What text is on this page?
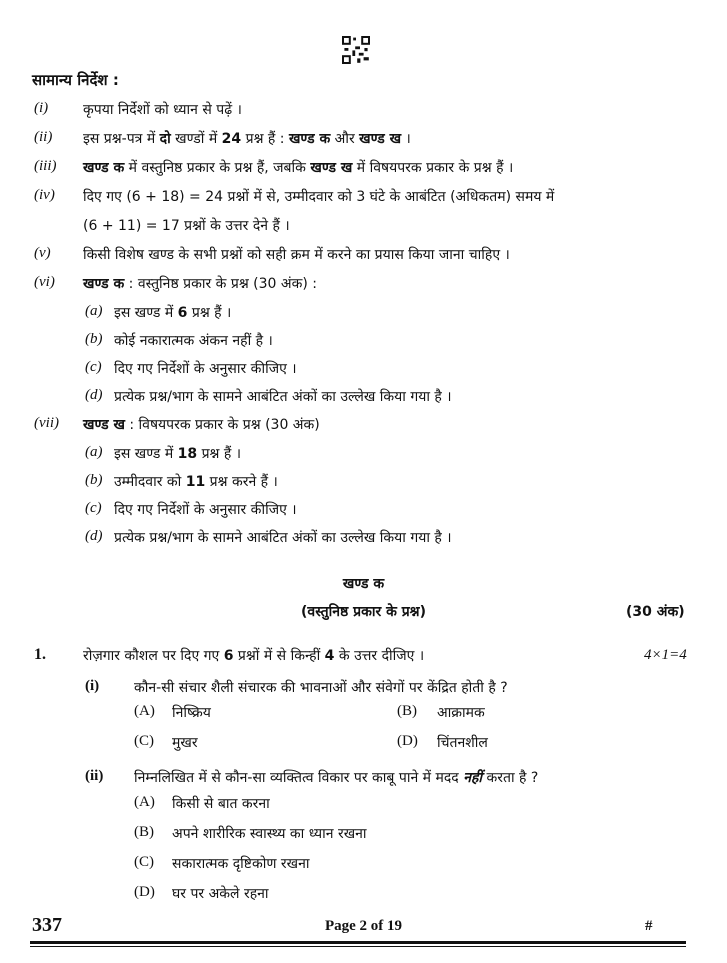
सामान्य निर्देश :
(i) कृपया निर्देशों को ध्यान से पढ़ें ।
(ii) इस प्रश्न-पत्र में दो खण्डों में 24 प्रश्न हैं : खण्ड क और खण्ड ख ।
(iii) खण्ड क में वस्तुनिष्ठ प्रकार के प्रश्न हैं, जबकि खण्ड ख में विषयपरक प्रकार के प्रश्न हैं ।
(iv) दिए गए (6 + 18) = 24 प्रश्नों में से, उम्मीदवार को 3 घंटे के आबंटित (अधिकतम) समय में
(6 + 11) = 17 प्रश्नों के उत्तर देने हैं ।
(v) किसी विशेष खण्ड के सभी प्रश्नों को सही क्रम में करने का प्रयास किया जाना चाहिए ।
(vi) खण्ड क : वस्तुनिष्ठ प्रकार के प्रश्न (30 अंक) :
(a) इस खण्ड में 6 प्रश्न हैं ।
(b) कोई नकारात्मक अंकन नहीं है ।
(c) दिए गए निर्देशों के अनुसार कीजिए ।
(d) प्रत्येक प्रश्न/भाग के सामने आबंटित अंकों का उल्लेख किया गया है ।
(vii) खण्ड ख : विषयपरक प्रकार के प्रश्न (30 अंक)
(a) इस खण्ड में 18 प्रश्न हैं ।
(b) उम्मीदवार को 11 प्रश्न करने हैं ।
(c) दिए गए निर्देशों के अनुसार कीजिए ।
(d) प्रत्येक प्रश्न/भाग के सामने आबंटित अंकों का उल्लेख किया गया है ।
खण्ड क
(वस्तुनिष्ठ प्रकार के प्रश्न)	(30 अंक)
1.	रोज़गार कौशल पर दिए गए 6 प्रश्नों में से किन्हीं 4 के उत्तर दीजिए ।	4×1=4
(i) कौन-सी संचार शैली संचारक की भावनाओं और संवेगों पर केंद्रित होती है ?
(A) निष्क्रिय	(B) आक्रामक
(C) मुखर	(D) चिंतनशील
(ii) निम्नलिखित में से कौन-सा व्यक्तित्व विकार पर काबू पाने में मदद नहीं करता है ?
(A) किसी से बात करना
(B) अपने शारीरिक स्वास्थ्य का ध्यान रखना
(C) सकारात्मक दृष्टिकोण रखना
(D) घर पर अकेले रहना
337	Page 2 of 19	#
